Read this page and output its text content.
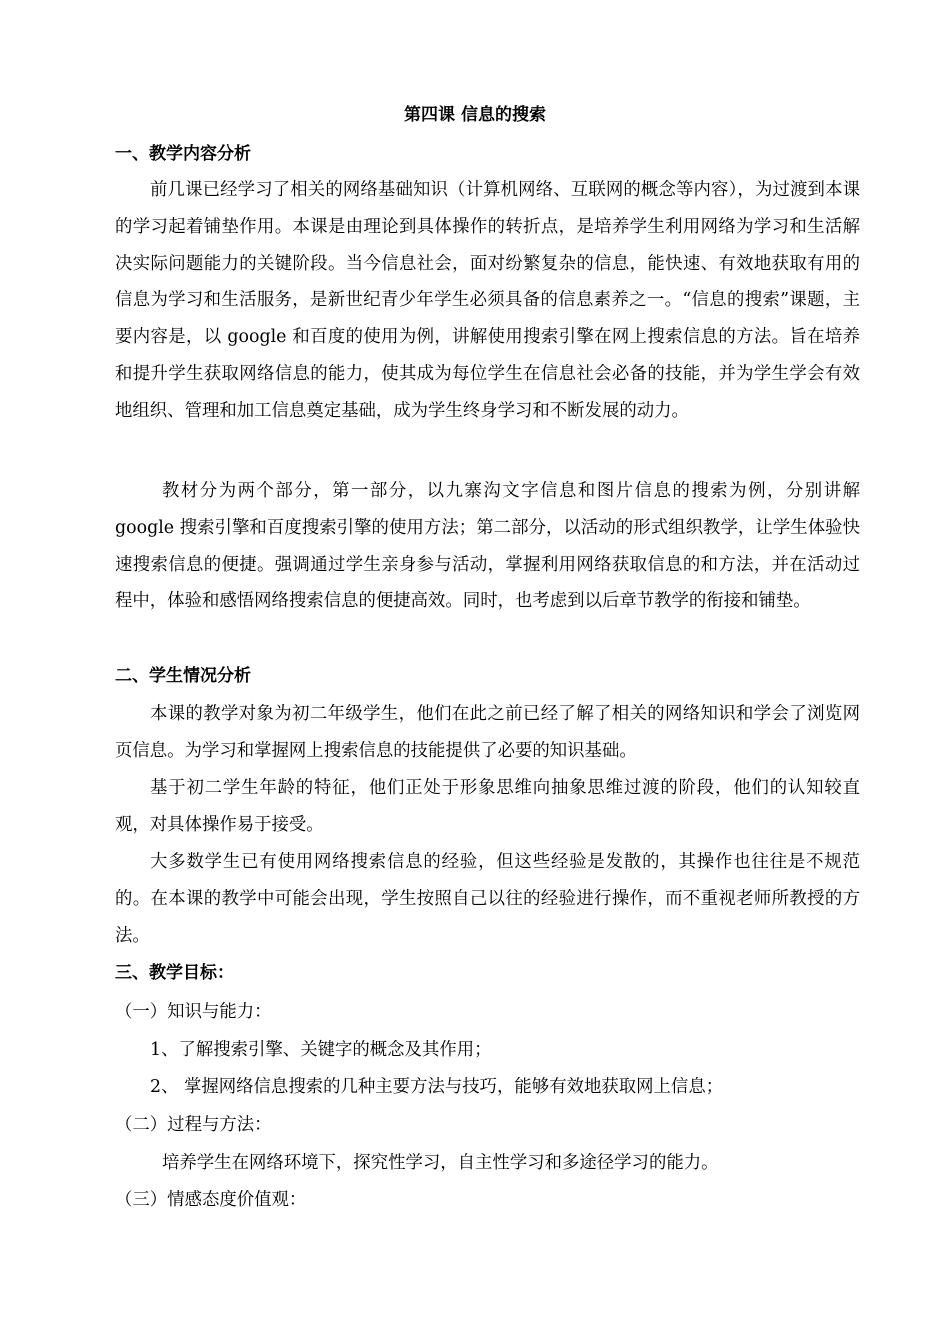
第四课 信息的搜索
一、教学内容分析

前几课已经学习了相关的网络基础知识（计算机网络、互联网的概念等内容），为过渡到本课的学习起着铺垫作用。本课是由理论到具体操作的转折点，是培养学生利用网络为学习和生活解决实际问题能力的关键阶段。当今信息社会，面对纷繁复杂的信息，能快速、有效地获取有用的信息为学习和生活服务，是新世纪青少年学生必须具备的信息素养之一。“信息的搜索”课题，主要内容是，以 google 和百度的使用为例，讲解使用搜索引擎在网上搜索信息的方法。旨在培养和提升学生获取网络信息的能力，使其成为每位学生在信息社会必备的技能，并为学生学会有效地组织、管理和加工信息奠定基础，成为学生终身学习和不断发展的动力。

教材分为两个部分，第一部分，以九寨沟文字信息和图片信息的搜索为例，分别讲解 google 搜索引擎和百度搜索引擎的使用方法；第二部分，以活动的形式组织教学，让学生体验快速搜索信息的便捷。强调通过学生亲身参与活动，掌握利用网络获取信息的和方法，并在活动过程中，体验和感悟网络搜索信息的便捷高效。同时，也考虑到以后章节教学的衔接和铺垫。

二、学生情况分析

本课的教学对象为初二年级学生，他们在此之前已经了解了相关的网络知识和学会了浏览网页信息。为学习和掌握网上搜索信息的技能提供了必要的知识基础。

基于初二学生年龄的特征，他们正处于形象思维向抽象思维过渡的阶段，他们的认知较直观，对具体操作易于接受。

大多数学生已有使用网络搜索信息的经验，但这些经验是发散的，其操作也往往是不规范的。在本课的教学中可能会出现，学生按照自己以往的经验进行操作，而不重视老师所教授的方法。

三、教学目标：
（一）知识与能力：
1、了解搜索引擎、关键字的概念及其作用；
2、 掌握网络信息搜索的几种主要方法与技巧，能够有效地获取网上信息；
（二）过程与方法：
培养学生在网络环境下，探究性学习，自主性学习和多途径学习的能力。
（三）情感态度价值观：
